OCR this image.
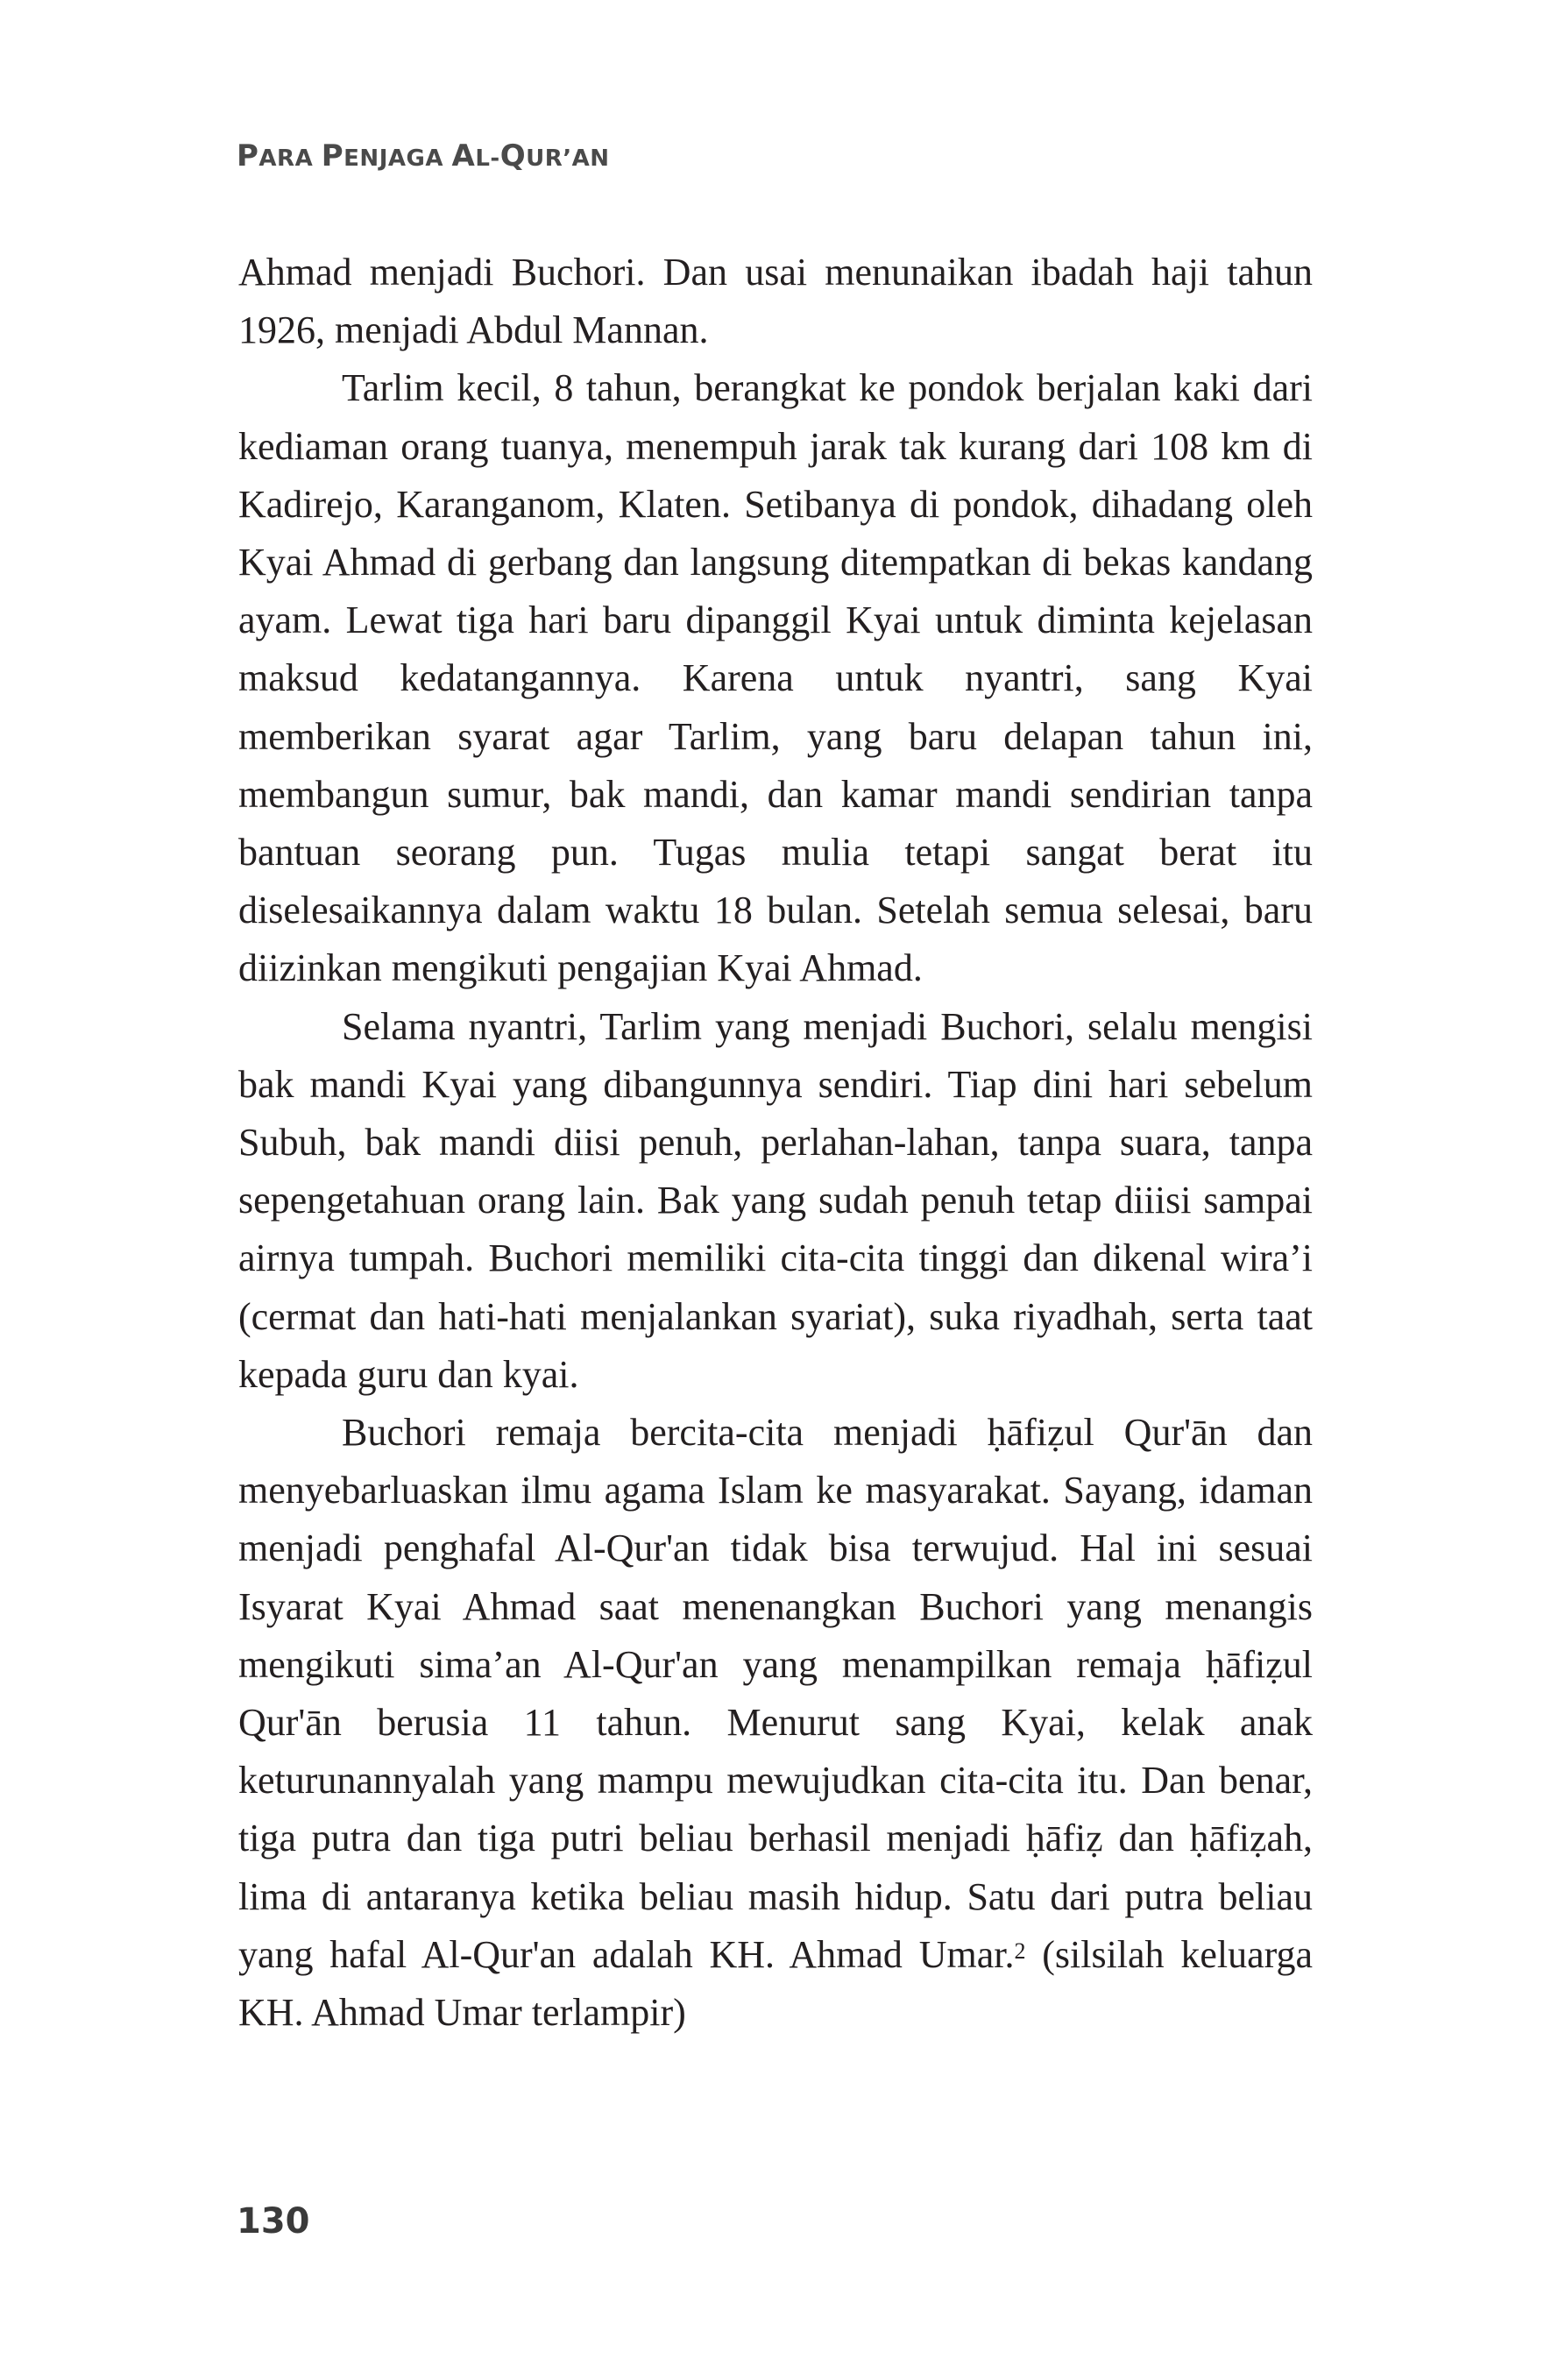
PARA PENJAGA AL-QUR’AN

Ahmad menjadi Buchori. Dan usai menunaikan ibadah haji tahun 1926, menjadi Abdul Mannan.

Tarlim kecil, 8 tahun, berangkat ke pondok berjalan kaki dari kediaman orang tuanya, menempuh jarak tak kurang dari 108 km di Kadirejo, Karanganom, Klaten. Setibanya di pondok, dihadang oleh Kyai Ahmad di gerbang dan langsung ditempatkan di bekas kandang ayam. Lewat tiga hari baru dipanggil Kyai untuk diminta kejelasan maksud kedatangannya. Karena untuk nyantri, sang Kyai memberikan syarat agar Tarlim, yang baru delapan tahun ini, membangun sumur, bak mandi, dan kamar mandi sendirian tanpa bantuan seorang pun. Tugas mulia tetapi sangat berat itu diselesaikannya dalam waktu 18 bulan. Setelah semua selesai, baru diizinkan mengikuti pengajian Kyai Ahmad.

Selama nyantri, Tarlim yang menjadi Buchori, selalu mengisi bak mandi Kyai yang dibangunnya sendiri. Tiap dini hari sebelum Subuh, bak mandi diisi penuh, perlahan-lahan, tanpa suara, tanpa sepengetahuan orang lain. Bak yang sudah penuh tetap diiisi sampai airnya tumpah. Buchori memiliki cita-cita tinggi dan dikenal wira’i (cermat dan hati-hati menjalankan syariat), suka riyadhah, serta taat kepada guru dan kyai.

Buchori remaja bercita-cita menjadi ḥāfiẓul Qur'ān dan menyebarluaskan ilmu agama Islam ke masyarakat. Sayang, idaman menjadi penghafal Al-Qur'an tidak bisa terwujud. Hal ini sesuai Isyarat Kyai Ahmad saat menenangkan Buchori yang menangis mengikuti sima’an Al-Qur'an yang menampilkan remaja ḥāfiẓul Qur'ān berusia 11 tahun. Menurut sang Kyai, kelak anak keturunannyalah yang mampu mewujudkan cita-cita itu. Dan benar, tiga putra dan tiga putri beliau berhasil menjadi ḥāfiẓ dan ḥāfiẓah, lima di antaranya ketika beliau masih hidup. Satu dari putra beliau yang hafal Al-Qur'an adalah KH. Ahmad Umar.$^2$ (silsilah keluarga KH. Ahmad Umar terlampir)

130
